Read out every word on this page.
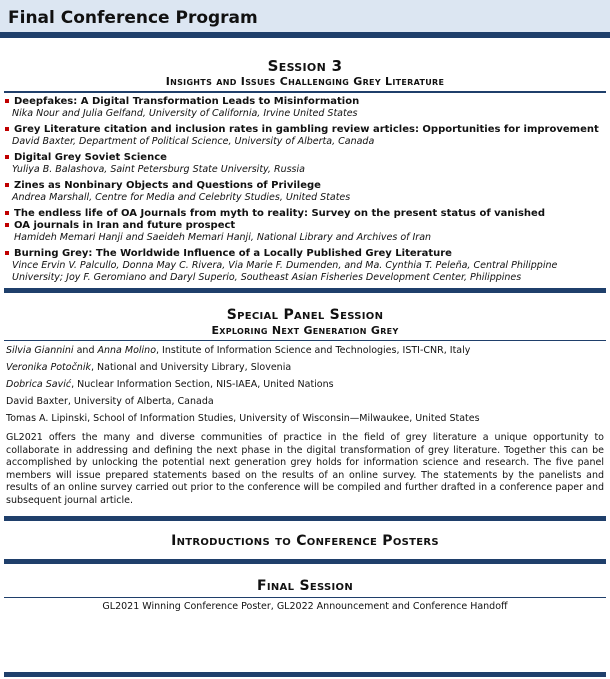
Final Conference Program
Session 3
Insights and Issues Challenging Grey Literature
Deepfakes: A Digital Transformation Leads to Misinformation
Nika Nour and Julia Gelfand, University of California, Irvine United States
Grey Literature citation and inclusion rates in gambling review articles: Opportunities for improvement
David Baxter, Department of Political Science, University of Alberta, Canada
Digital Grey Soviet Science
Yuliya B. Balashova, Saint Petersburg State University, Russia
Zines as Nonbinary Objects and Questions of Privilege
Andrea Marshall, Centre for Media and Celebrity Studies, United States
The endless life of OA Journals from myth to reality: Survey on the present status of vanished
OA journals in Iran and future prospect
Hamideh Memari Hanji and Saeideh Memari Hanji, National Library and Archives of Iran
Burning Grey: The Worldwide Influence of a Locally Published Grey Literature
Vince Ervin V. Palcullo, Donna May C. Rivera, Via Marie F. Dumenden, and Ma. Cynthia T. Peleña, Central Philippine
University; Joy F. Geromiano and Daryl Superio, Southeast Asian Fisheries Development Center, Philippines
Special Panel Session
Exploring Next Generation Grey
Silvia Giannini and Anna Molino, Institute of Information Science and Technologies, ISTI-CNR, Italy
Veronika Potočnik, National and University Library, Slovenia
Dobrica Savić, Nuclear Information Section, NIS-IAEA, United Nations
David Baxter, University of Alberta, Canada
Tomas A. Lipinski, School of Information Studies, University of Wisconsin—Milwaukee, United States
GL2021 offers the many and diverse communities of practice in the field of grey literature a unique opportunity to collaborate in addressing and defining the next phase in the digital transformation of grey literature. Together this can be accomplished by unlocking the potential next generation grey holds for information science and research. The five panel members will issue prepared statements based on the results of an online survey. The statements by the panelists and results of an online survey carried out prior to the conference will be compiled and further drafted in a conference paper and subsequent journal article.
Introductions to Conference Posters
Final Session
GL2021 Winning Conference Poster, GL2022 Announcement and Conference Handoff
